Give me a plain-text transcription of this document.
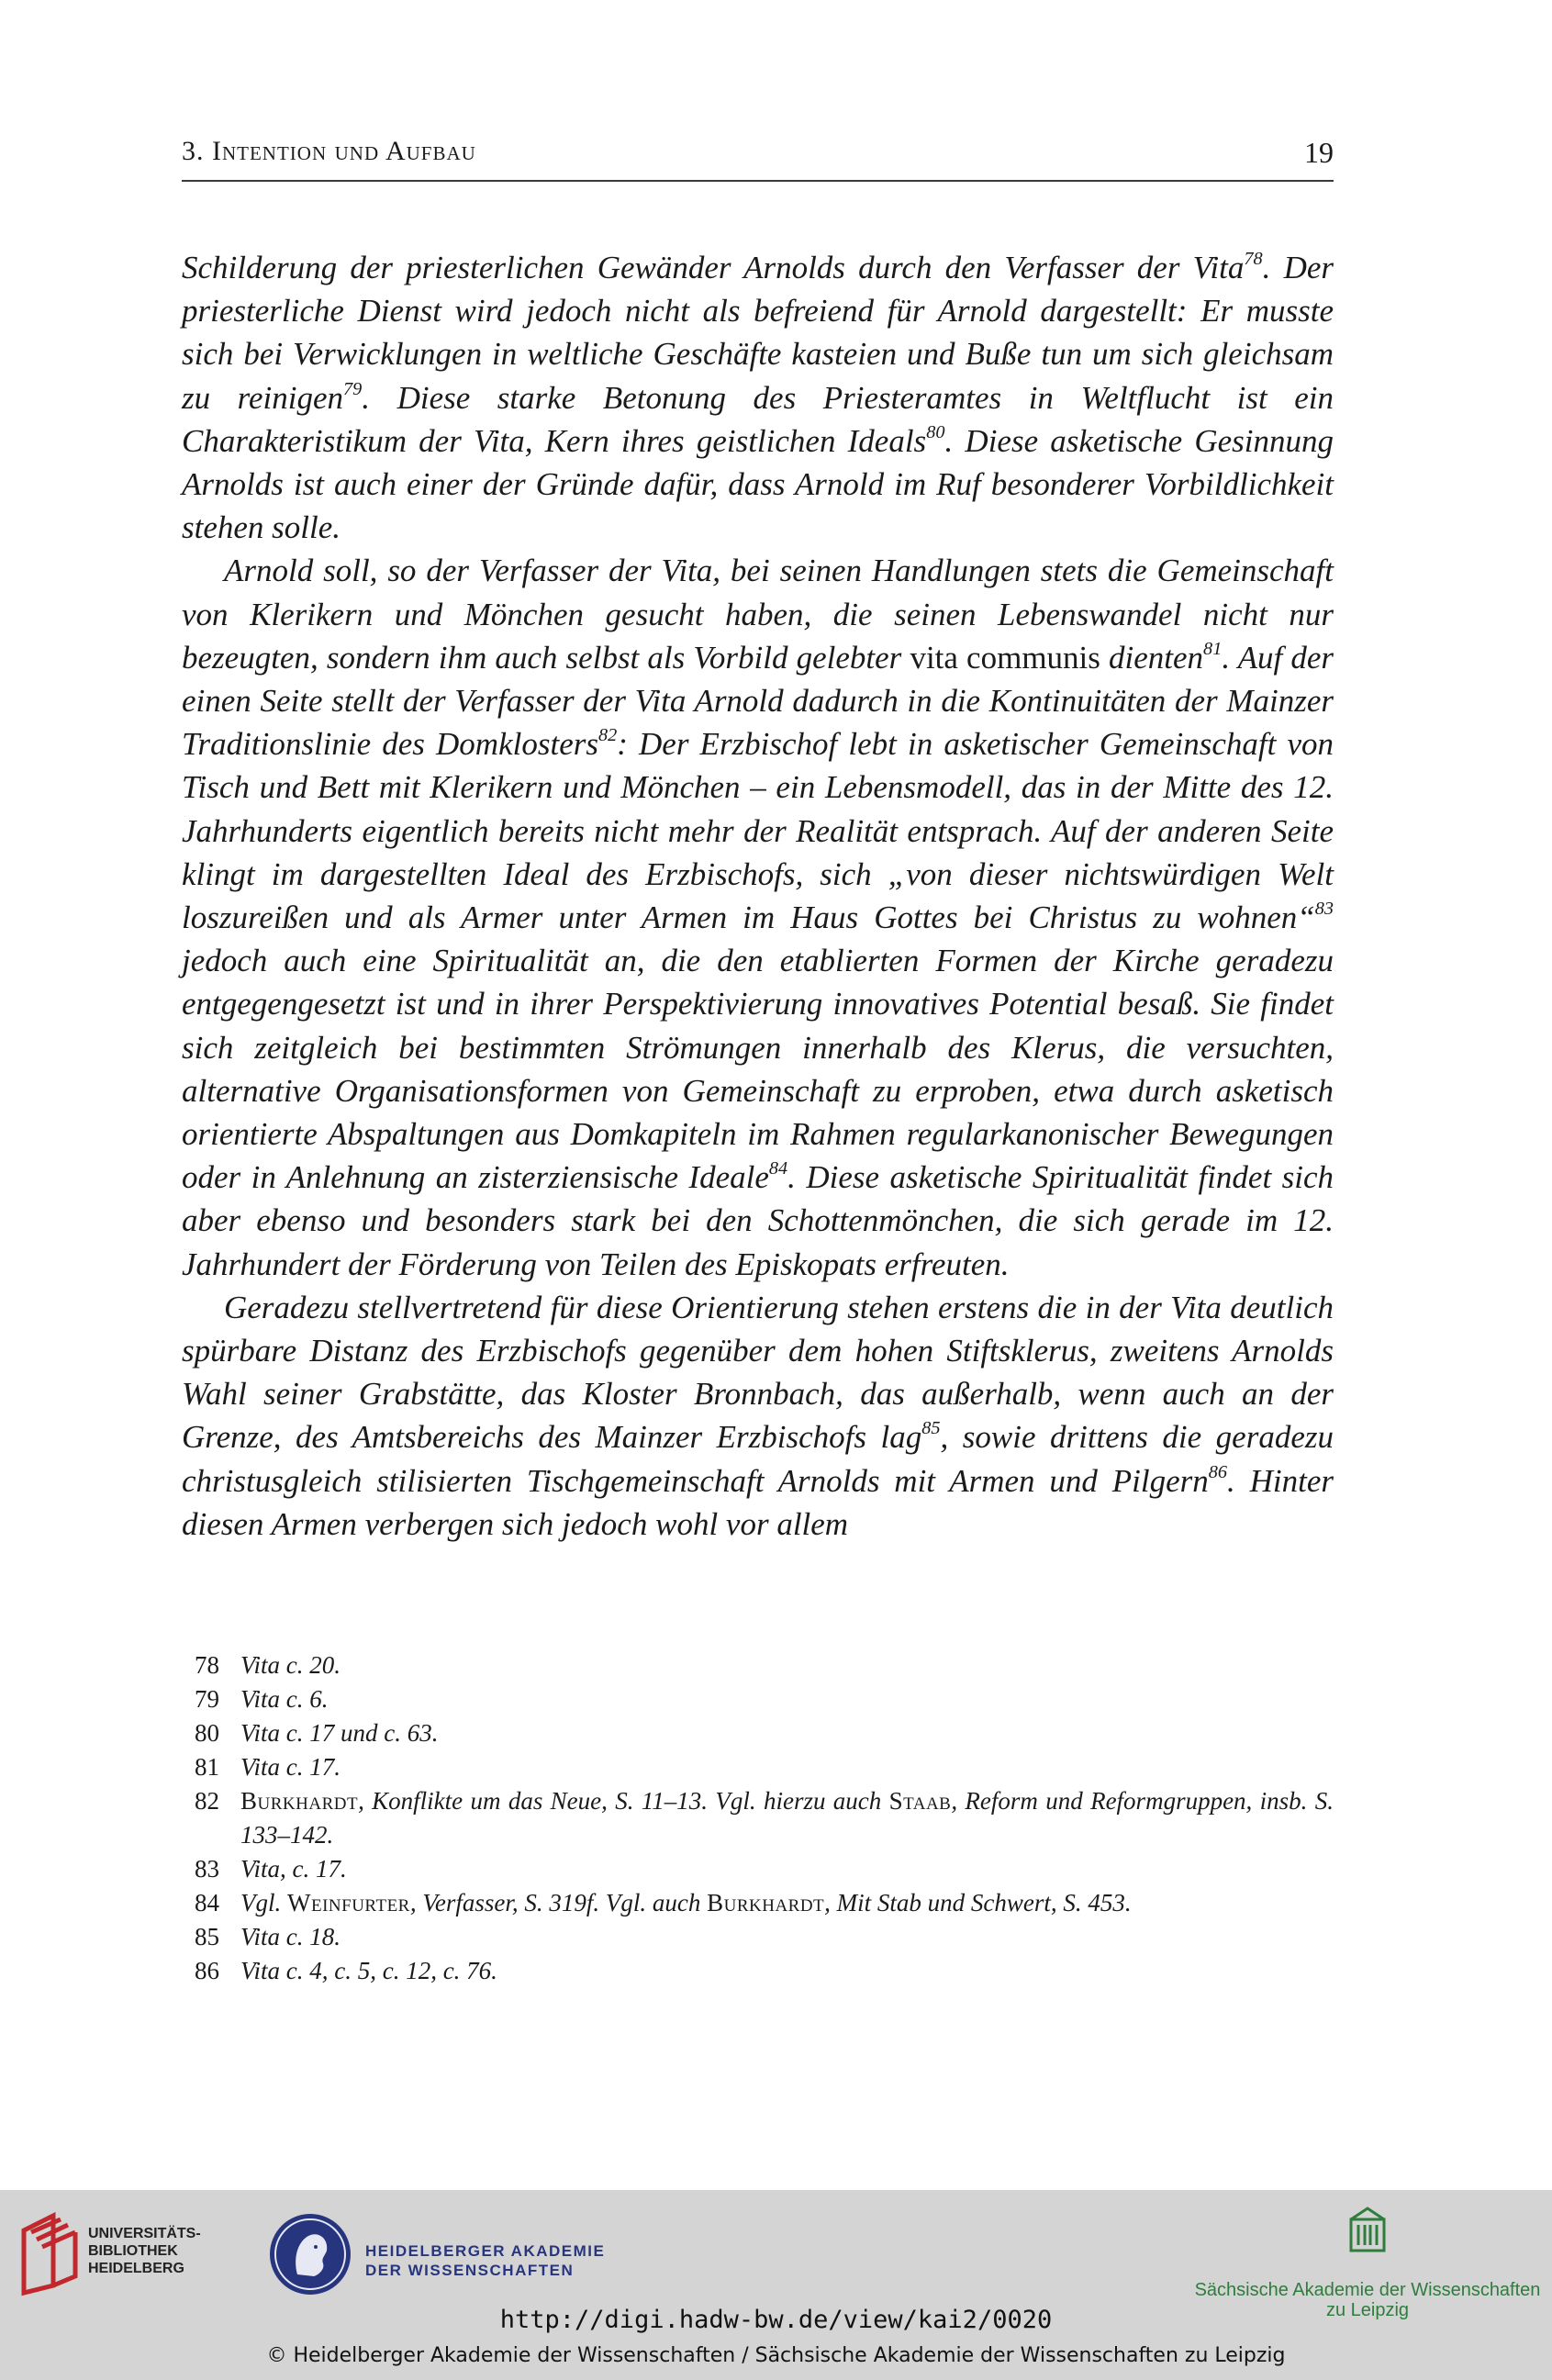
3. Intention und Aufbau	19

Schilderung der priesterlichen Gewänder Arnolds durch den Verfasser der Vita$^{78}$. Der priesterliche Dienst wird jedoch nicht als befreiend für Arnold dargestellt: Er musste sich bei Verwicklungen in weltliche Geschäfte kasteien und Buße tun um sich gleichsam zu reinigen$^{79}$. Diese starke Betonung des Priesteramtes in Weltflucht ist ein Charakteristikum der Vita, Kern ihres geistlichen Ideals$^{80}$. Diese asketische Gesinnung Arnolds ist auch einer der Gründe dafür, dass Arnold im Ruf besonderer Vorbildlichkeit stehen solle.

Arnold soll, so der Verfasser der Vita, bei seinen Handlungen stets die Gemeinschaft von Klerikern und Mönchen gesucht haben, die seinen Lebenswandel nicht nur bezeugten, sondern ihm auch selbst als Vorbild gelebter vita communis dienten$^{81}$. Auf der einen Seite stellt der Verfasser der Vita Arnold dadurch in die Kontinuitäten der Mainzer Traditionslinie des Domklosters$^{82}$: Der Erzbischof lebt in asketischer Gemeinschaft von Tisch und Bett mit Klerikern und Mönchen – ein Lebensmodell, das in der Mitte des 12. Jahrhunderts eigentlich bereits nicht mehr der Realität entsprach. Auf der anderen Seite klingt im dargestellten Ideal des Erzbischofs, sich „von dieser nichtswürdigen Welt loszureißen und als Armer unter Armen im Haus Gottes bei Christus zu wohnen“$^{83}$ jedoch auch eine Spiritualität an, die den etablierten Formen der Kirche geradezu entgegengesetzt ist und in ihrer Perspektivierung innovatives Potential besaß. Sie findet sich zeitgleich bei bestimmten Strömungen innerhalb des Klerus, die versuchten, alternative Organisationsformen von Gemeinschaft zu erproben, etwa durch asketisch orientierte Abspaltungen aus Domkapiteln im Rahmen regularkanonischer Bewegungen oder in Anlehnung an zisterziensische Ideale$^{84}$. Diese asketische Spiritualität findet sich aber ebenso und besonders stark bei den Schottenmönchen, die sich gerade im 12. Jahrhundert der Förderung von Teilen des Episkopats erfreuten.

Geradezu stellvertretend für diese Orientierung stehen erstens die in der Vita deutlich spürbare Distanz des Erzbischofs gegenüber dem hohen Stiftsklerus, zweitens Arnolds Wahl seiner Grabstätte, das Kloster Bronnbach, das außerhalb, wenn auch an der Grenze, des Amtsbereichs des Mainzer Erzbischofs lag$^{85}$, sowie drittens die geradezu christusgleich stilisierten Tischgemeinschaft Arnolds mit Armen und Pilgern$^{86}$. Hinter diesen Armen verbergen sich jedoch wohl vor allem

78 Vita c. 20.
79 Vita c. 6.
80 Vita c. 17 und c. 63.
81 Vita c. 17.
82 Burkhardt, Konflikte um das Neue, S. 11–13. Vgl. hierzu auch Staab, Reform und Reformgruppen, insb. S. 133–142.
83 Vita, c. 17.
84 Vgl. Weinfurter, Verfasser, S. 319f. Vgl. auch Burkhardt, Mit Stab und Schwert, S. 453.
85 Vita c. 18.
86 Vita c. 4, c. 5, c. 12, c. 76.
UNIVERSITÄTS-
BIBLIOTHEK
HEIDELBERG
HEIDELBERGER AKADEMIE
DER WISSENSCHAFTEN
Sächsische Akademie der Wissenschaften
zu Leipzig
http://digi.hadw-bw.de/view/kai2/0020
© Heidelberger Akademie der Wissenschaften / Sächsische Akademie der Wissenschaften zu Leipzig
